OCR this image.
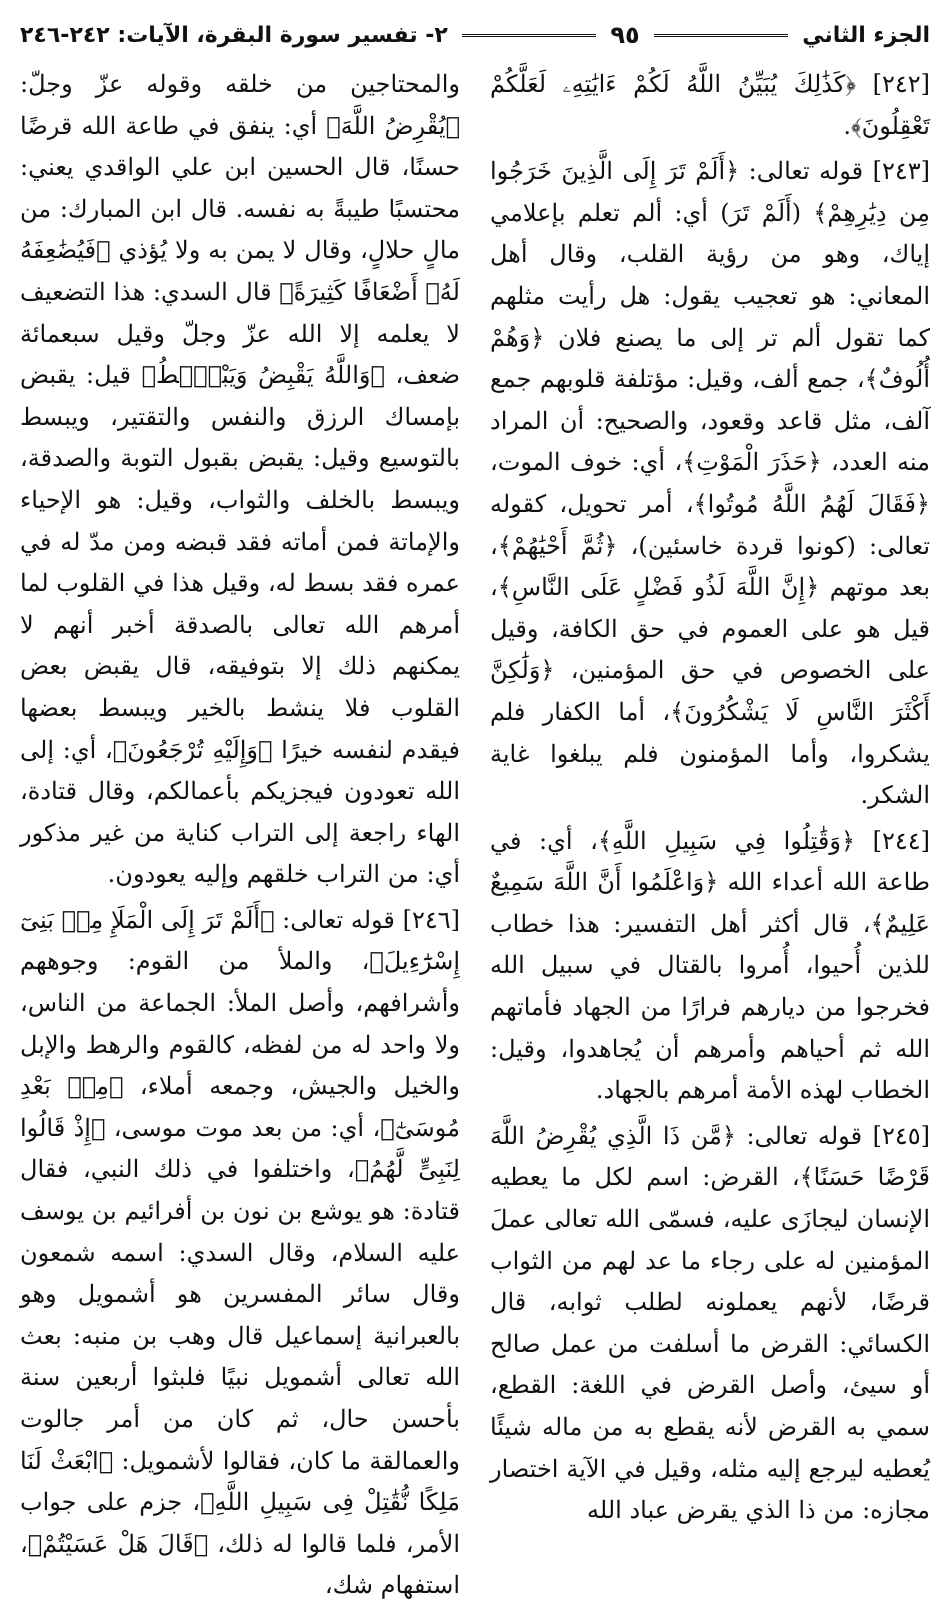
الجزء الثاني
٩٥
٢- تفسير سورة البقرة، الآيات: ٢٤٢-٢٤٦

[٢٤٢] ﴿كَذَٰلِكَ يُبَيِّنُ اللَّهُ لَكُمْ ءَايَٰتِهِۦ لَعَلَّكُمْ تَعْقِلُونَ﴾.

[٢٤٣] قوله تعالى: ﴿أَلَمْ تَرَ إِلَى الَّذِينَ خَرَجُوا مِن دِيَٰرِهِمْ﴾ (أَلَمْ تَرَ) أي: ألم تعلم بإعلامي إياك، وهو من رؤية القلب، وقال أهل المعاني: هو تعجيب يقول: هل رأيت مثلهم كما تقول ألم تر إلى ما يصنع فلان ﴿وَهُمْ أُلُوفٌ﴾، جمع ألف، وقيل: مؤتلفة قلوبهم جمع آلف، مثل قاعد وقعود، والصحيح: أن المراد منه العدد، ﴿حَذَرَ الْمَوْتِ﴾، أي: خوف الموت، ﴿فَقَالَ لَهُمُ اللَّهُ مُوتُوا﴾، أمر تحويل، كقوله تعالى: (كونوا قردة خاسئين)، ﴿ثُمَّ أَحْيَٰهُمْ﴾، بعد موتهم ﴿إِنَّ اللَّهَ لَذُو فَضْلٍ عَلَى النَّاسِ﴾، قيل هو على العموم في حق الكافة، وقيل على الخصوص في حق المؤمنين، ﴿وَلَٰكِنَّ أَكْثَرَ النَّاسِ لَا يَشْكُرُونَ﴾، أما الكفار فلم يشكروا، وأما المؤمنون فلم يبلغوا غاية الشكر.

[٢٤٤] ﴿وَقَٰتِلُوا فِي سَبِيلِ اللَّهِ﴾، أي: في طاعة الله أعداء الله ﴿وَاعْلَمُوا أَنَّ اللَّهَ سَمِيعٌ عَلِيمٌ﴾، قال أكثر أهل التفسير: هذا خطاب للذين أُحيوا، أُمروا بالقتال في سبيل الله فخرجوا من ديارهم فرارًا من الجهاد فأماتهم الله ثم أحياهم وأمرهم أن يُجاهدوا، وقيل: الخطاب لهذه الأمة أمرهم بالجهاد.

[٢٤٥] قوله تعالى: ﴿مَّن ذَا الَّذِي يُقْرِضُ اللَّهَ قَرْضًا حَسَنًا﴾، القرض: اسم لكل ما يعطيه الإنسان ليجازَى عليه، فسمّى الله تعالى عملَ المؤمنين له على رجاء ما عد لهم من الثواب قرضًا، لأنهم يعملونه لطلب ثوابه، قال الكسائي: القرض ما أسلفت من عمل صالح أو سيئ، وأصل القرض في اللغة: القطع، سمي به القرض لأنه يقطع به من ماله شيئًا يُعطيه ليرجع إليه مثله، وقيل في الآية اختصار مجازه: من ذا الذي يقرض عباد الله

والمحتاجين من خلقه وقوله عزّ وجلّ: ﴿يُقْرِضُ اللَّهَ﴾ أي: ينفق في طاعة الله قرضًا حسنًا، قال الحسين ابن علي الواقدي يعني: محتسبًا طيبةً به نفسه. قال ابن المبارك: من مالٍ حلالٍ، وقال لا يمن به ولا يُؤذي ﴿فَيُضَٰعِفَهُ لَهُۥ أَضْعَافًا كَثِيرَةً﴾ قال السدي: هذا التضعيف لا يعلمه إلا الله عزّ وجلّ وقيل سبعمائة ضعف، ﴿وَاللَّهُ يَقْبِضُ وَيَبْصُۜطُ﴾ قيل: يقبض بإمساك الرزق والنفس والتقتير، ويبسط بالتوسيع وقيل: يقبض بقبول التوبة والصدقة، ويبسط بالخلف والثواب، وقيل: هو الإحياء والإماتة فمن أماته فقد قبضه ومن مدّ له في عمره فقد بسط له، وقيل هذا في القلوب لما أمرهم الله تعالى بالصدقة أخبر أنهم لا يمكنهم ذلك إلا بتوفيقه، قال يقبض بعض القلوب فلا ينشط بالخير ويبسط بعضها فيقدم لنفسه خيرًا ﴿وَإِلَيْهِ تُرْجَعُونَ﴾، أي: إلى الله تعودون فيجزيكم بأعمالكم، وقال قتادة، الهاء راجعة إلى التراب كناية من غير مذكور أي: من التراب خلقهم وإليه يعودون.

[٢٤٦] قوله تعالى: ﴿أَلَمْ تَرَ إِلَى الْمَلَإِ مِنۢ بَنِىٓ إِسْرَٰٓءِيلَ﴾، والملأ من القوم: وجوههم وأشرافهم، وأصل الملأ: الجماعة من الناس، ولا واحد له من لفظه، كالقوم والرهط والإبل والخيل والجيش، وجمعه أملاء، ﴿مِنۢ بَعْدِ مُوسَىٰٓ﴾، أي: من بعد موت موسى، ﴿إِذْ قَالُوا لِنَبِىٍّ لَّهُمُ﴾، واختلفوا في ذلك النبي، فقال قتادة: هو يوشع بن نون بن أفرائيم بن يوسف عليه السلام، وقال السدي: اسمه شمعون وقال سائر المفسرين هو أشمويل وهو بالعبرانية إسماعيل قال وهب بن منبه: بعث الله تعالى أشمويل نبيًا فلبثوا أربعين سنة بأحسن حال، ثم كان من أمر جالوت والعمالقة ما كان، فقالوا لأشمويل: ﴿ابْعَثْ لَنَا مَلِكًا نُّقَٰتِلْ فِى سَبِيلِ اللَّهِ﴾، جزم على جواب الأمر، فلما قالوا له ذلك، ﴿قَالَ هَلْ عَسَيْتُمْ﴾، استفهام شك،
